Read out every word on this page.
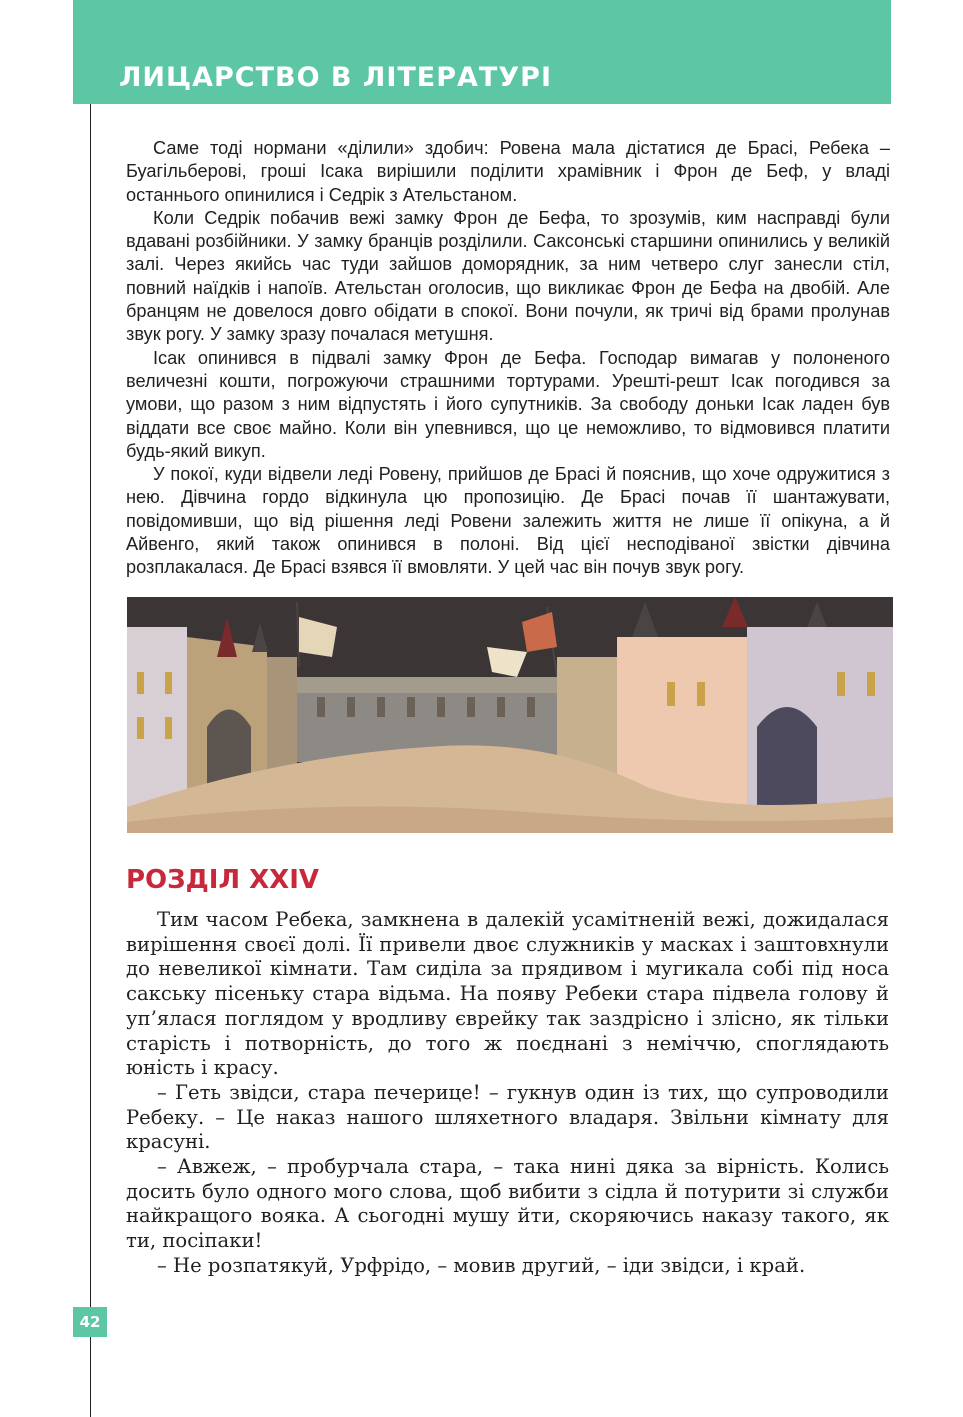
ЛИЦАРСТВО В ЛІТЕРАТУРІ

Саме тоді нормани «ділили» здобич: Ровена мала дістатися де Брасі, Ребека – Буагільберові, гроші Ісака вирішили поділити храмівник і Фрон де Беф, у владі останнього опинилися і Седрік з Ательстаном.

Коли Седрік побачив вежі замку Фрон де Бефа, то зрозумів, ким насправді були вдавані розбійники. У замку бранців розділили. Саксонські старшини опинились у великій залі. Через якийсь час туди зайшов доморядник, за ним четверо слуг занесли стіл, повний наїдків і напоїв. Ательстан оголосив, що викликає Фрон де Бефа на двобій. Але бранцям не довелося довго обідати в спокої. Вони почули, як тричі від брами пролунав звук рогу. У замку зразу почалася метушня.

Ісак опинився в підвалі замку Фрон де Бефа. Господар вимагав у полоненого величезні кошти, погрожуючи страшними тортурами. Урешті-решт Ісак погодився за умови, що разом з ним відпустять і його супутників. За свободу доньки Ісак ладен був віддати все своє майно. Коли він упевнився, що це неможливо, то відмовився платити будь-який викуп.

У покої, куди відвели леді Ровену, прийшов де Брасі й пояснив, що хоче одружитися з нею. Дівчина гордо відкинула цю пропозицію. Де Брасі почав її шантажувати, повідомивши, що від рішення леді Ровени залежить життя не лише її опікуна, а й Айвенго, який також опинився в полоні. Від цієї несподіваної звістки дівчина розплакалася. Де Брасі взявся її вмовляти. У цей час він почув звук рогу.

РОЗДІЛ XXIV

Тим часом Ребека, замкнена в далекій усамітненій вежі, дожидалася вирішення своєї долі. Її привели двоє служників у масках і заштовхнули до невеликої кімнати. Там сиділа за прядивом і мугикала собі під носа сакську пісеньку стара відьма. На появу Ребеки стара підвела голову й уп’ялася поглядом у вродливу єврейку так заздрісно і злісно, як тільки старість і потворність, до того ж поєднані з неміччю, споглядають юність і красу.

– Геть звідси, стара печерице! – гукнув один із тих, що супроводили Ребеку. – Це наказ нашого шляхетного владаря. Звільни кімнату для красуні.

– Авжеж, – пробурчала стара, – така нині дяка за вірність. Колись досить було одного мого слова, щоб вибити з сідла й потурити зі служби найкращого вояка. А сьогодні мушу йти, скоряючись наказу такого, як ти, посіпаки!

– Не розпатякуй, Урфрідо, – мовив другий, – іди звідси, і край.

42
